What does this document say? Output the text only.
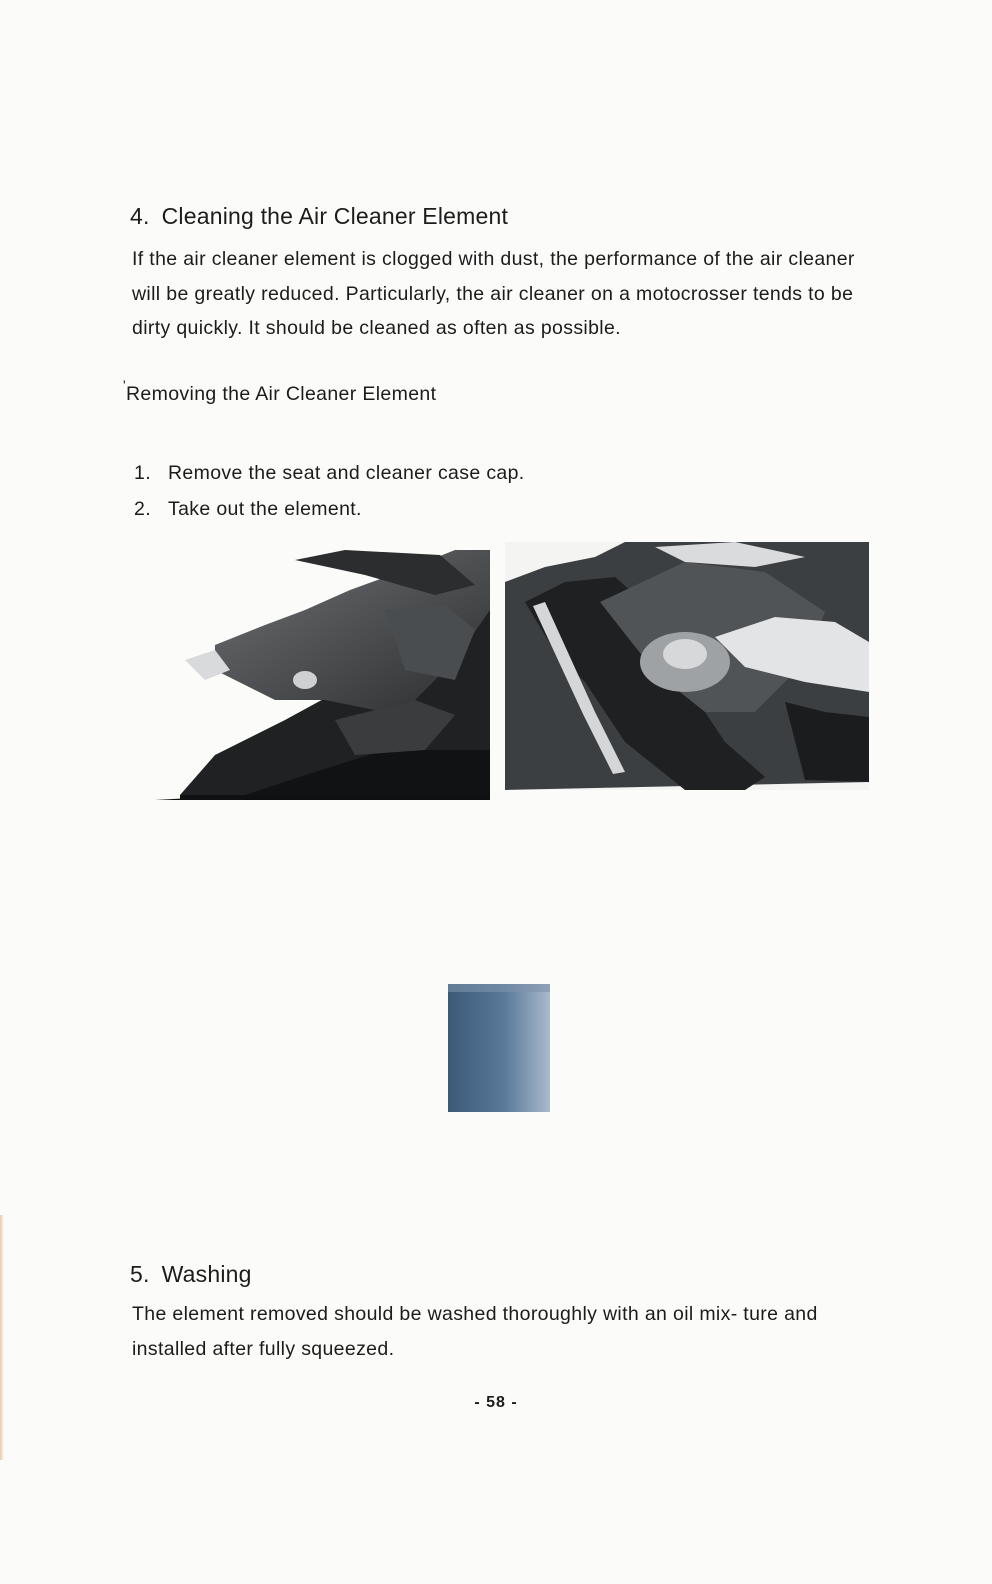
4. Cleaning the Air Cleaner Element

If the air cleaner element is clogged with dust, the performance of the air cleaner will be greatly reduced. Particularly, the air cleaner on a motocrosser tends to be dirty quickly. It should be cleaned as often as possible.

' Removing the Air Cleaner Element

1. Remove the seat and cleaner case cap.
2. Take out the element.
5. Washing

The element removed should be washed thoroughly with an oil mix- ture and installed after fully squeezed.

- 58 -
